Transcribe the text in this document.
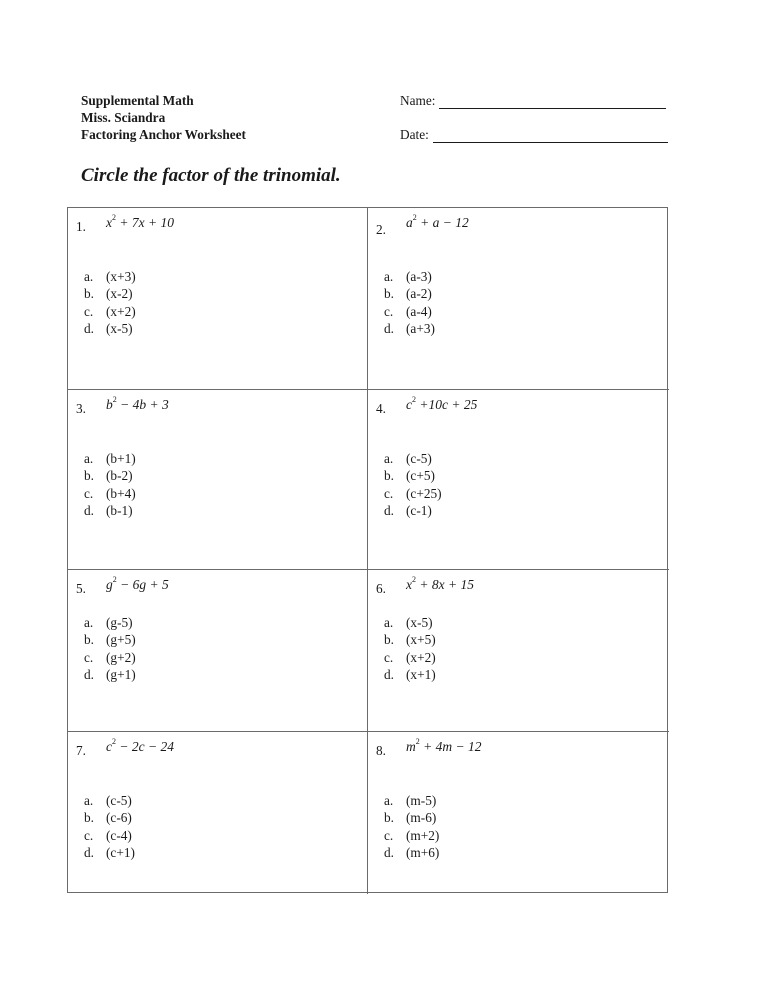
Supplemental Math
Miss. Sciandra
Factoring Anchor Worksheet
Name:
Date:
Circle the factor of the trinomial.
1. $x^2 + 7x + 10$
a. (x+3)
b. (x-2)
c. (x+2)
d. (x-5)
2. $a^2 + a - 12$
a. (a-3)
b. (a-2)
c. (a-4)
d. (a+3)
3. $b^2 - 4b + 3$
a. (b+1)
b. (b-2)
c. (b+4)
d. (b-1)
4. $c^2 +10c + 25$
a. (c-5)
b. (c+5)
c. (c+25)
d. (c-1)
5. $g^2 - 6g + 5$
a. (g-5)
b. (g+5)
c. (g+2)
d. (g+1)
6. $x^2 + 8x + 15$
a. (x-5)
b. (x+5)
c. (x+2)
d. (x+1)
7. $c^2 - 2c - 24$
a. (c-5)
b. (c-6)
c. (c-4)
d. (c+1)
8. $m^2 + 4m - 12$
a. (m-5)
b. (m-6)
c. (m+2)
d. (m+6)
